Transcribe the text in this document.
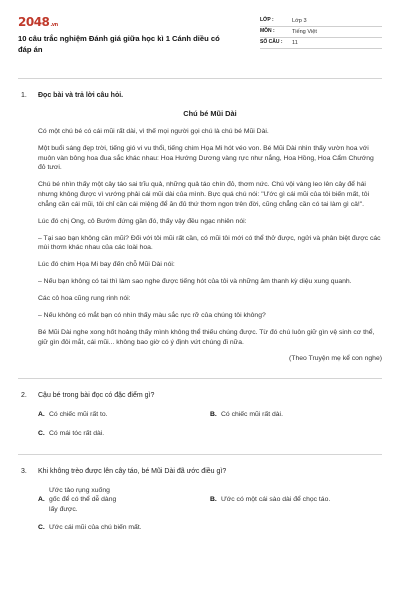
2048.vn
10 câu trắc nghiệm Đánh giá giữa học kì 1 Cánh diều có đáp án
LỚP :	Lớp 3
MÔN :	Tiếng Việt
SỐ CÂU :	11
1. Đọc bài và trả lời câu hỏi.
Chú bé Mũi Dài

Có một chú bé có cái mũi rất dài, vì thế mọi người gọi chú là chú bé Mũi Dài.

Một buổi sáng đẹp trời, tiếng gió vi vu thổi, tiếng chim Họa Mi hót véo von. Bé Mũi Dài nhìn thấy vườn hoa với muôn vàn bông hoa đua sắc khác nhau: Hoa Hướng Dương vàng rực như nắng, Hoa Hồng, Hoa Cẩm Chướng đỏ tươi.

Chú bé nhìn thấy một cây táo sai trĩu quả, những quả táo chín đỏ, thơm nức. Chú vội vàng leo lên cây để hái nhưng không được vì vướng phải cái mũi dài của mình. Bực quá chú nói: "Ước gì cái mũi của tôi biến mất, tôi chẳng cần cái mũi, tôi chỉ cần cái miệng để ăn đủ thứ thơm ngon trên đời, cũng chẳng cần có tai làm gì cả!".

Lúc đó chị Ong, cô Bướm đứng gần đó, thấy vậy đều ngạc nhiên nói:

– Tại sao bạn không cần mũi? Đối với tôi mũi rất cần, có mũi tôi mới có thể thở được, ngửi và phân biệt được các mùi thơm khác nhau của các loài hoa.

Lúc đó chim Họa Mi bay đến chỗ Mũi Dài nói:

– Nếu bạn không có tai thì làm sao nghe được tiếng hót của tôi và những âm thanh kỳ diệu xung quanh.

Các cô hoa cũng rung rinh nói:

– Nếu không có mắt bạn có nhìn thấy màu sắc rực rỡ của chúng tôi không?

Bé Mũi Dài nghe xong hốt hoảng thấy mình không thể thiếu chúng được. Từ đó chú luôn giữ gìn vệ sinh cơ thể, giữ gìn đôi mắt, cái mũi... không bao giờ có ý định vứt chúng đi nữa.

(Theo Truyện mẹ kể con nghe)
2. Cậu bé trong bài đọc có đặc điểm gì?
A. Có chiếc mũi rất to.	B. Có chiếc mũi rất dài.
C. Có mái tóc rất dài.
3. Khi không trèo được lên cây táo, bé Mũi Dài đã ước điều gì?
A.
Ước tảo rụng xuống gốc để có thể dễ dàng lấy được.
B. Ước có một cái sào dài để chọc táo.
C. Ước cái mũi của chú biến mất.
